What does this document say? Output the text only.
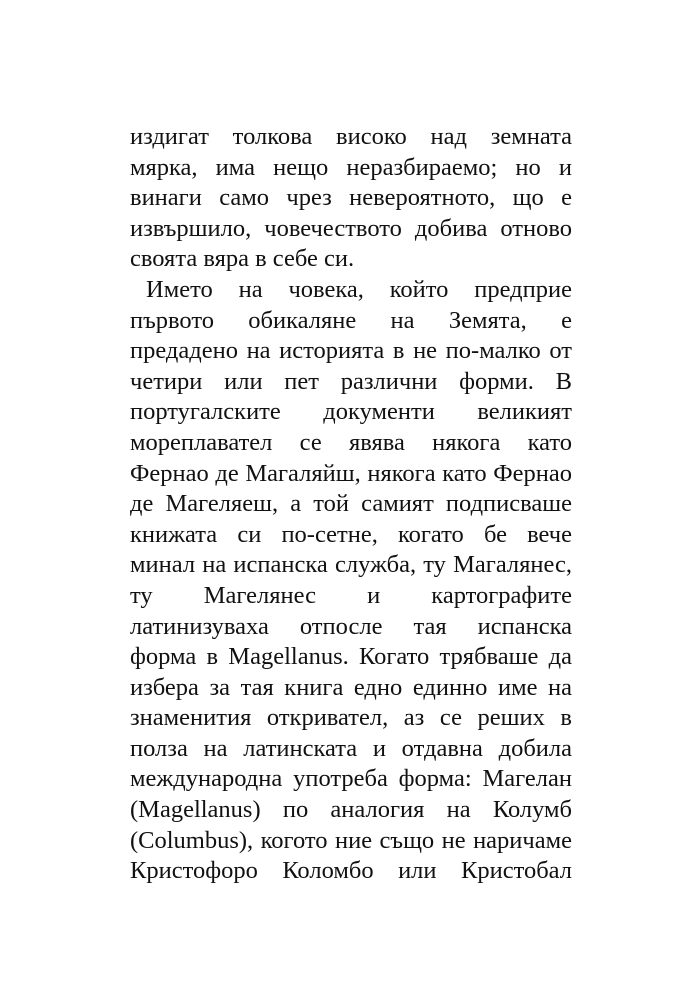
издигат толкова високо над земната
мярка, има нещо неразбираемо; но и
винаги само чрез невероятното, що е
извършило, човечеството добива отново
своята вяра в себе си.
Името на човека, който предприе
първото обикаляне на Земята, е
предадено на историята в не по-малко от
четири или пет различни форми. В
португалските документи великият
мореплавател се явява някога като
Фернао де Магаляйш, някога като Фернао
де Магеляеш, а той самият подписваше
книжата си по-сетне, когато бе вече
минал на испанска служба, ту Магалянес,
ту Магелянес и картографите
латинизуваха отпосле тая испанска
форма в Magellanus. Когато трябваше да
избера за тая книга едно единно име на
знаменития откривател, аз се реших в
полза на латинската и отдавна добила
международна употреба форма: Магелан
(Magellanus) по аналогия на Колумб
(Columbus), когото ние също не наричаме
Кристофоро Коломбо или Кристобал
